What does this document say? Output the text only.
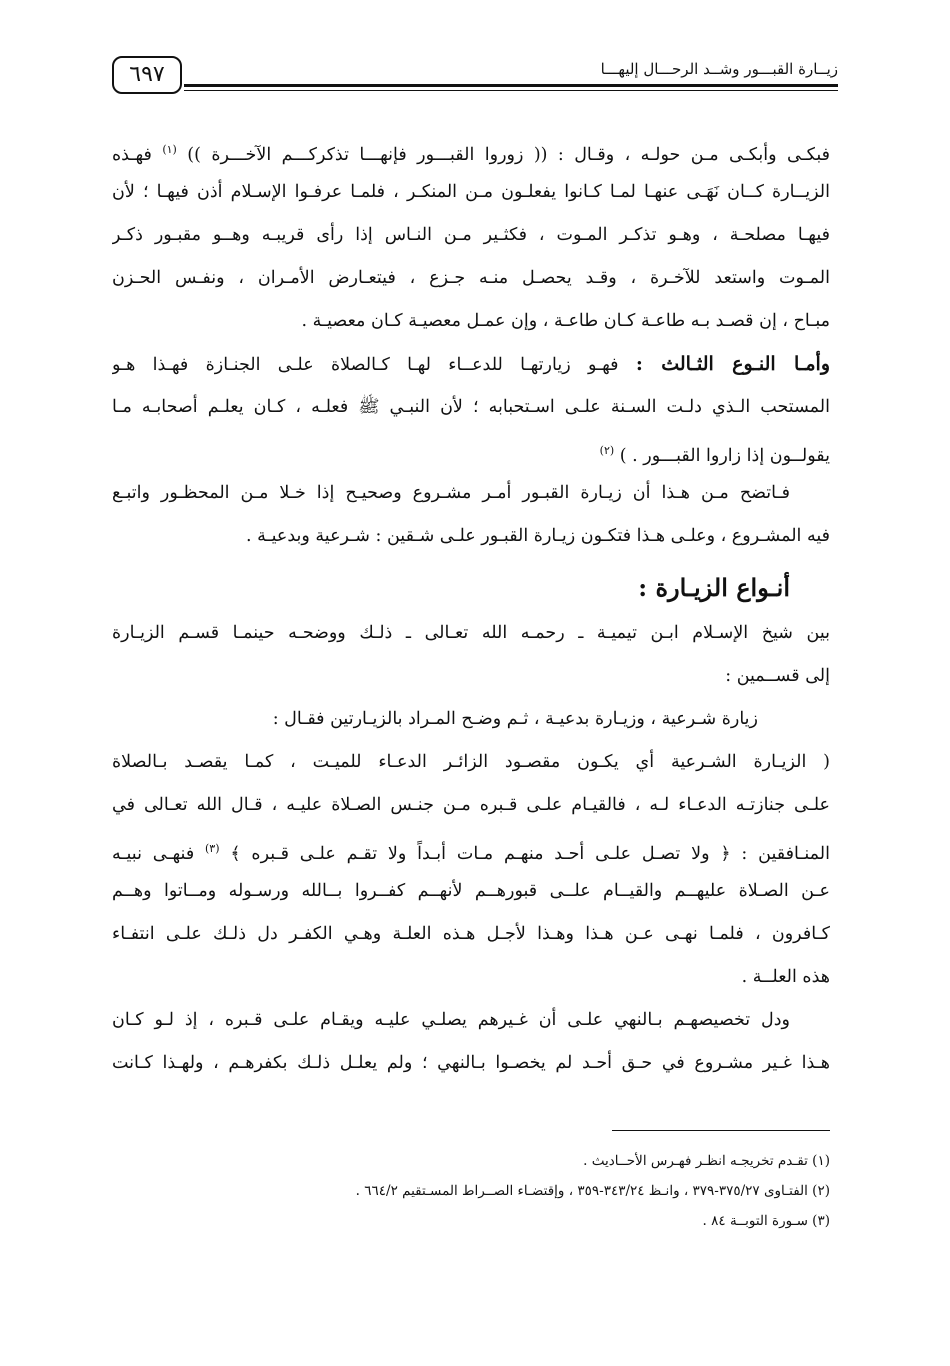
٦٩٧	زيــارة القبـــور وشــد الرحـــال إليهـــا
فبكـى وأبكـى مـن حولـه ، وقـال : (( زوروا القبـــور فإنهـــا تذكركـــم الآخـــرة )) $^{(١)}$ فهـذه
الزيــارة كــان نَهَـى عنهـا لمـا كـانوا يفعلـون مـن المنكـر ، فلمـا عرفـوا الإسـلام أذن فيهـا ؛ لأن
فيهـا مصلحـة ، وهـو تذكـر المـوت ، فكثـير مـن النـاس إذا رأى قريبـه وهــو مقبـور ذكـر
المـوت واستعد للآخـرة ، وقـد يحصـل منـه جـزع ، فيتعـارض الأمـران ، ونفـس الحـزن
مبـاح ، إن قصـد بـه طاعـة كـان طاعـة ، وإن عمـل معصيـة كـان معصيـة .
وأمـا النـوع الثـالث : فهـو زيارتهـا للدعــاء لهـا كـالصلاة علـى الجنـازة فهـذا هـو
المستحب الـذي دلـت السـنة علـى اسـتحبابه ؛ لأن النبـي ﷺ فعلـه ، كـان يعلـم أصحابـه مـا
يقولــون إذا زاروا القبـــور . ) $^{(٢)}$
فـاتضح مـن هـذا أن زيـارة القبـور أمـر مشـروع وصحيـح إذا خـلا مـن المحظـور واتبـع
فيه المشـروع ، وعلـى هـذا فتكـون زيـارة القبـور علـى شـقين : شـرعية وبدعيـة .
أنـواع الزيـارة :
بين شيخ الإسـلام ابـن تيميـة ـ رحمـه الله تعـالى ـ ذلـك ووضحـه حينمـا قسـم الزيـارة
إلى قســمين :
زيارة شـرعية ، وزيـارة بدعيـة ، ثـم وضـح المـراد بالزيـارتين فقـال :
( الزيـارة الشـرعية أي يكـون مقصـود الزائـر الدعـاء للميـت ، كمـا يقصـد بـالصلاة
علـى جنازتـه الدعـاء لـه ، فالقيـام علـى قـبره مـن جنـس الصـلاة عليـه ، قـال الله تعـالى في
المنـافقين : ﴿ ولا تصـل علـى أحـد منهـم مـات أبـداً ولا تقـم علـى قـبره ﴾ $^{(٣)}$ فنهـى نبيـه
عـن الصـلاة عليهــم والقيــام علــى قبورهــم لأنهــم كفــروا بــالله ورسـوله ومــاتوا وهــم
كـافرون ، فلمـا نهـى عـن هـذا وهـذا لأجـل هـذه العلـة وهـي الكفـر دل ذلـك علـى انتفـاء
هذه العلــة .
ودل تخصيصهـم بـالنهي علـى أن غـيرهم يصلـي عليـه ويقـام علـى قـبره ، إذ لـو كـان
هـذا غـير مشـروع في حـق أحـد لم يخصـوا بـالنهي ؛ ولم يعلـل ذلـك بكفرهـم ، ولهـذا كـانت
(١) تقـدم تخريجـه انظـر فهـرس الأحــاديث .
(٢) الفتـاوى ٣٧٥/٢٧-٣٧٩ ، وانـظ ٣٤٣/٢٤-٣٥٩ ، وإقتضـاء الصــراط المسـتقيم ٦٦٤/٢ .
(٣) سـورة التوبــة ٨٤ .
